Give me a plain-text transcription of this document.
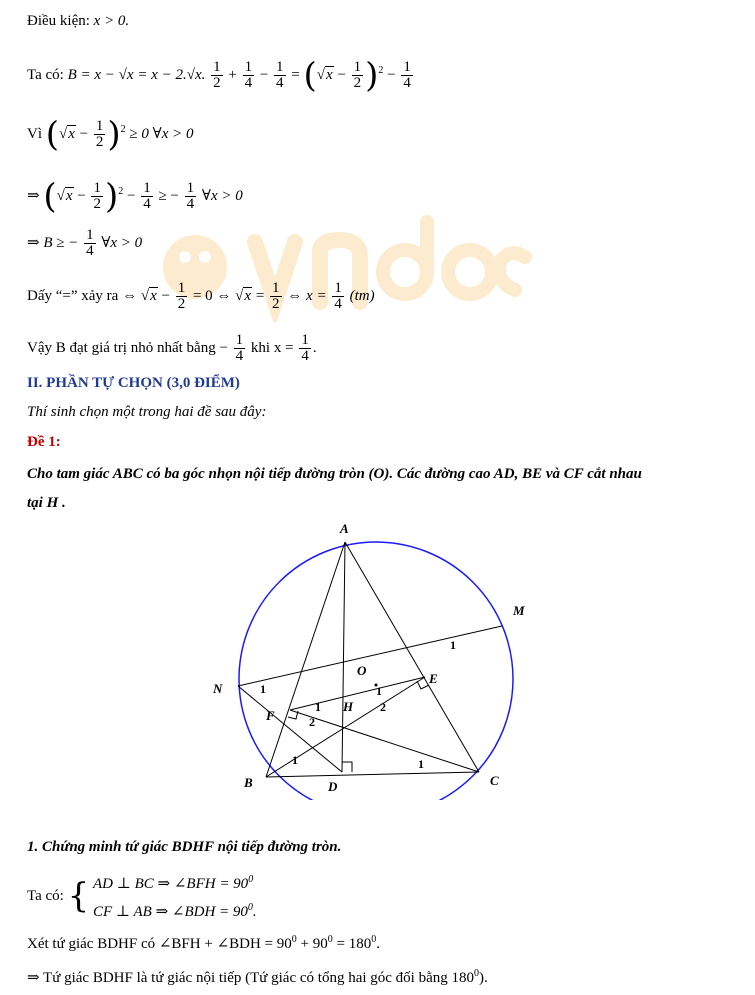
Điều kiện: x > 0.
Ta có: B = x − √x = x − 2.√x. $\frac{1}{2} + \frac{1}{4} - \frac{1}{4} = (√x - \frac{1}{2} )^2 - \frac{1}{4}$
Vì $(√x - \frac{1}{2} )^2 \ge 0$ ∀x > 0
⇒ $(√x - \frac{1}{2} )^2 - \frac{1}{4}$ ≥ − $\frac{1}{4}$ ∀x > 0
⇒ B ≥ − $\frac{1}{4}$ ∀x > 0
Dấy “=” xảy ra ⇔ $√x - \frac{1}{2} = 0$ ⇔ $√x = \frac{1}{2}$ ⇔ $x = \frac{1}{4} (tm)$
Vậy B đạt giá trị nhỏ nhất bằng − $\frac{1}{4}$ khi $x = \frac{1}{4}$ .
II. PHẦN TỰ CHỌN (3,0 ĐIỂM)
Thí sinh chọn một trong hai đề sau đây:
Đề 1:
Cho tam giác ABC có ba góc nhọn nội tiếp đường tròn (O). Các đường cao AD, BE và CF cắt nhau
tại H .
A
B	C
D
E
F
H
M
N
O
1
1	1
1
2
2
1	1
1. Chứng minh tứ giác BDHF nội tiếp đường tròn.
Ta có: { AD ⊥ BC ⇒ ∠BFH = $90^0$
CF ⊥ AB ⇒ ∠BDH = $90^0$.
Xét tứ giác BDHF có ∠BFH + ∠BDH = $90^0 + 90^0 = 180^0$.
⇒ Tứ giác BDHF là tứ giác nội tiếp (Tứ giác có tổng hai góc đối bằng $180^0$).
